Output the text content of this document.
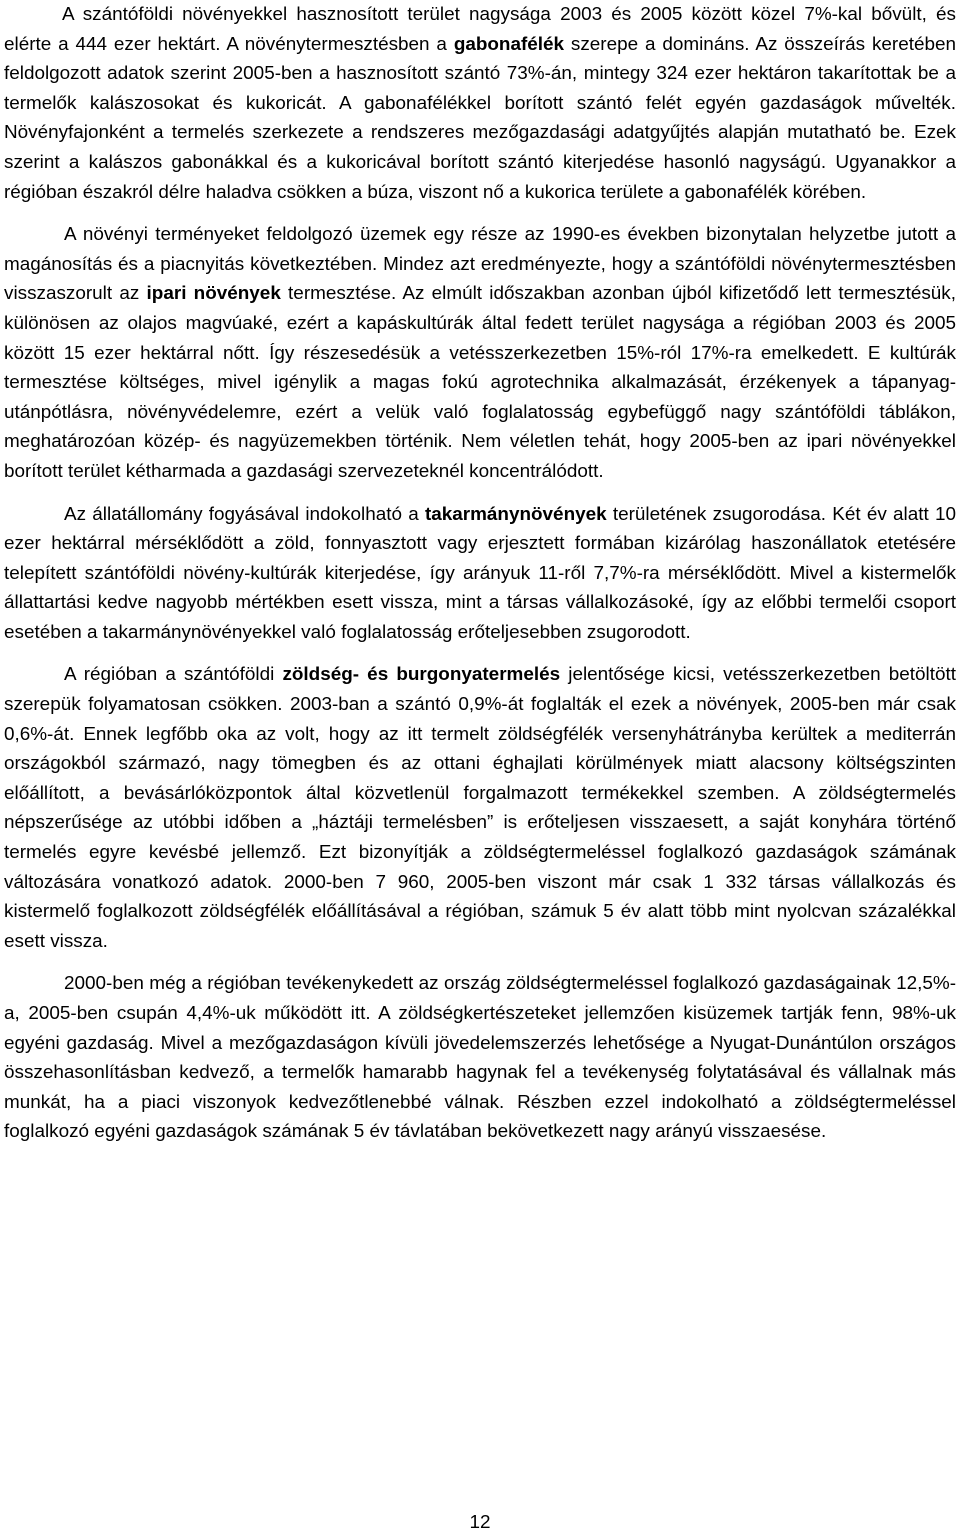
A szántóföldi növényekkel hasznosított terület nagysága 2003 és 2005 között közel 7%-kal bővült, és elérte a 444 ezer hektárt. A növénytermesztésben a gabonafélék szerepe a domináns. Az összeírás keretében feldolgozott adatok szerint 2005-ben a hasznosított szántó 73%-án, mintegy 324 ezer hektáron takarítottak be a termelők kalászosokat és kukoricát. A gabonafélékkel borított szántó felét egyén gazdaságok művelték. Növényfajonként a termelés szerkezete a rendszeres mezőgazdasági adatgyűjtés alapján mutatható be. Ezek szerint a kalászos gabonákkal és a kukoricával borított szántó kiterjedése hasonló nagyságú. Ugyanakkor a régióban északról délre haladva csökken a búza, viszont nő a kukorica területe a gabonafélék körében.

A növényi terményeket feldolgozó üzemek egy része az 1990-es években bizonytalan helyzetbe jutott a magánosítás és a piacnyitás következtében. Mindez azt eredményezte, hogy a szántóföldi növénytermesztésben visszaszorult az ipari növények termesztése. Az elmúlt időszakban azonban újból kifizetődő lett termesztésük, különösen az olajos magvúaké, ezért a kapáskultúrák által fedett terület nagysága a régióban 2003 és 2005 között 15 ezer hektárral nőtt. Így részesedésük a vetésszerkezetben 15%-ról 17%-ra emelkedett. E kultúrák termesztése költséges, mivel igénylik a magas fokú agrotechnika alkalmazását, érzékenyek a tápanyag-utánpótlásra, növényvédelemre, ezért a velük való foglalatosság egybefüggő nagy szántóföldi táblákon, meghatározóan közép- és nagyüzemekben történik. Nem véletlen tehát, hogy 2005-ben az ipari növényekkel borított terület kétharmada a gazdasági szervezeteknél koncentrálódott.

Az állatállomány fogyásával indokolható a takarmánynövények területének zsugorodása. Két év alatt 10 ezer hektárral mérséklődött a zöld, fonnyasztott vagy erjesztett formában kizárólag haszonállatok etetésére telepített szántóföldi növény-kultúrák kiterjedése, így arányuk 11-ről 7,7%-ra mérséklődött. Mivel a kistermelők állattartási kedve nagyobb mértékben esett vissza, mint a társas vállalkozásoké, így az előbbi termelői csoport esetében a takarmánynövényekkel való foglalatosság erőteljesebben zsugorodott.

A régióban a szántóföldi zöldség- és burgonyatermelés jelentősége kicsi, vetésszerkezetben betöltött szerepük folyamatosan csökken. 2003-ban a szántó 0,9%-át foglalták el ezek a növények, 2005-ben már csak 0,6%-át. Ennek legfőbb oka az volt, hogy az itt termelt zöldségfélék versenyhátrányba kerültek a mediterrán országokból származó, nagy tömegben és az ottani éghajlati körülmények miatt alacsony költségszinten előállított, a bevásárlóközpontok által közvetlenül forgalmazott termékekkel szemben. A zöldségtermelés népszerűsége az utóbbi időben a „háztáji termelésben” is erőteljesen visszaesett, a saját konyhára történő termelés egyre kevésbé jellemző. Ezt bizonyítják a zöldségtermeléssel foglalkozó gazdaságok számának változására vonatkozó adatok. 2000-ben 7 960, 2005-ben viszont már csak 1 332 társas vállalkozás és kistermelő foglalkozott zöldségfélék előállításával a régióban, számuk 5 év alatt több mint nyolcvan százalékkal esett vissza.

2000-ben még a régióban tevékenykedett az ország zöldségtermeléssel foglalkozó gazdaságainak 12,5%-a, 2005-ben csupán 4,4%-uk működött itt. A zöldségkertészeteket jellemzően kisüzemek tartják fenn, 98%-uk egyéni gazdaság. Mivel a mezőgazdaságon kívüli jövedelemszerzés lehetősége a Nyugat-Dunántúlon országos összehasonlításban kedvező, a termelők hamarabb hagynak fel a tevékenység folytatásával és vállalnak más munkát, ha a piaci viszonyok kedvezőtlenebbé válnak. Részben ezzel indokolható a zöldségtermeléssel foglalkozó egyéni gazdaságok számának 5 év távlatában bekövetkezett nagy arányú visszaesése.

12
